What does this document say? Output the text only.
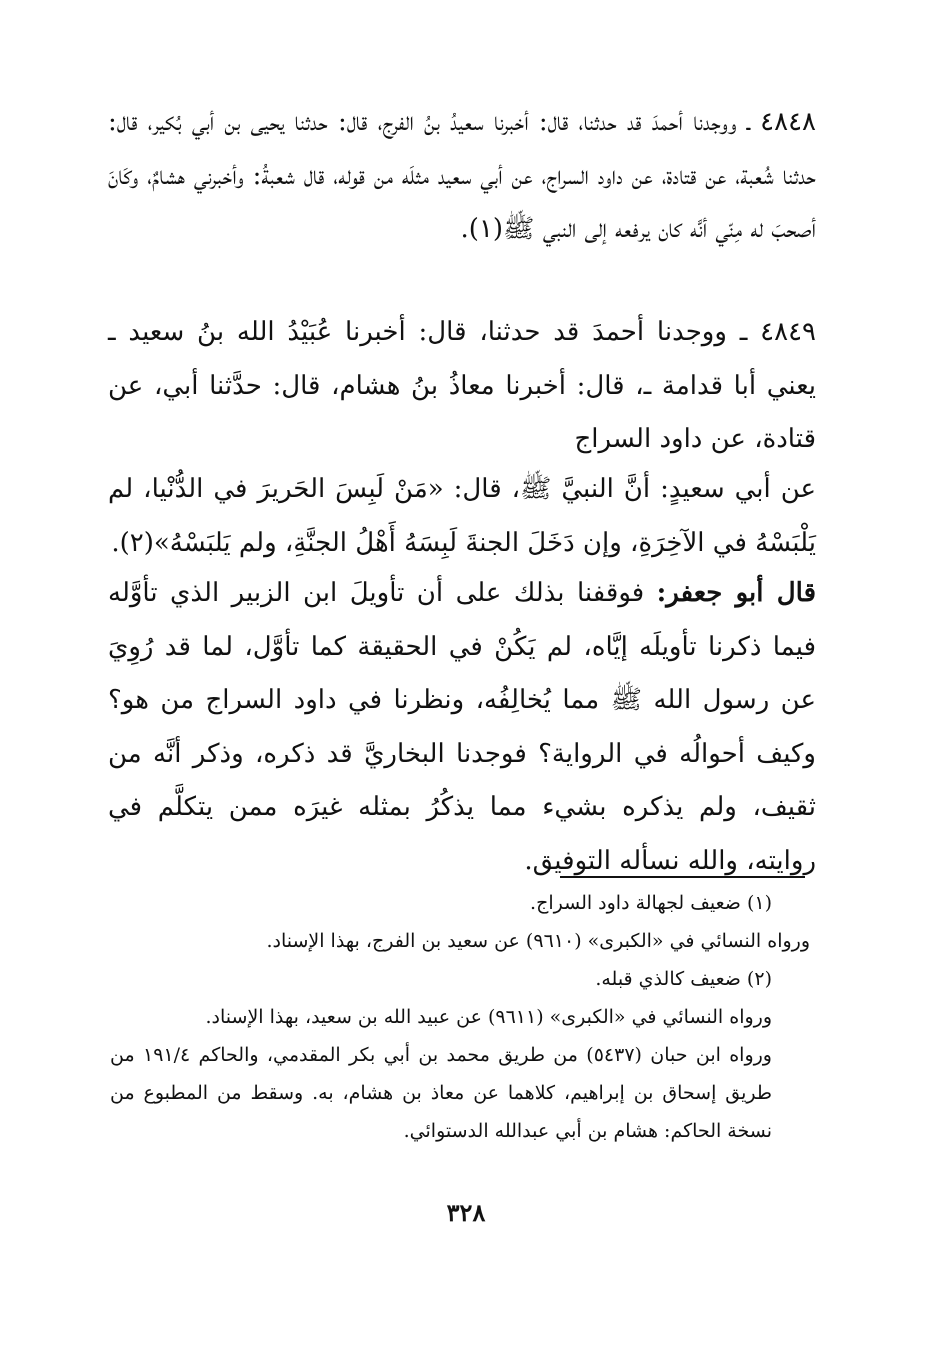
٤٨٤٨ ـ ووجدنا أحمدَ قد حدثنا، قال: أخبرنا سعيدُ بنُ الفرج، قال: حدثنا يحيى بن أبي بُكير، قال: حدثنا شُعبة، عن قتادة، عن داود السراج، عن أبي سعيد مثلَه من قوله، قال شعبةُ: وأخبرني هشامٌ، وكَانَ أصحبَ له مِنّي أنَّه كان يرفعه إلى النبي ﷺ(١).
٤٨٤٩ ـ ووجدنا أحمدَ قد حدثنا، قال: أخبرنا عُبَيْدُ الله بنُ سعيد ـ يعني أبا قدامة ـ، قال: أخبرنا معاذُ بنُ هشام، قال: حدَّثنا أبي، عن قتادة، عن داود السراج
عن أبي سعيدٍ: أنَّ النبيَّ ﷺ، قال: «مَنْ لَبِسَ الحَريرَ في الدُّنْيا، لم يَلْبَسْهُ في الآخِرَةِ، وإن دَخَلَ الجنةَ لَبِسَهُ أَهْلُ الجنَّةِ، ولم يَلبَسْهُ»(٢).
قال أبو جعفر: فوقفنا بذلك على أن تأويلَ ابن الزبير الذي تأوَّله فيما ذكرنا تأويلَه إيَّاه، لم يَكُنْ في الحقيقة كما تأوَّل، لما قد رُوِيَ عن رسول الله ﷺ مما يُخالِفُه، ونظرنا في داود السراج من هو؟ وكيف أحوالُه في الرواية؟ فوجدنا البخاريَّ قد ذكره، وذكر أنَّه من ثقيف، ولم يذكره بشيء مما يذكُرُ بمثله غيرَه ممن يتكلَّم في روايته، والله نسأله التوفيق.
(١) ضعيف لجهالة داود السراج.
ورواه النسائي في «الكبرى» (٩٦١٠) عن سعيد بن الفرج، بهذا الإسناد.
(٢) ضعيف كالذي قبله.
ورواه النسائي في «الكبرى» (٩٦١١) عن عبيد الله بن سعيد، بهذا الإسناد.
ورواه ابن حبان (٥٤٣٧) من طريق محمد بن أبي بكر المقدمي، والحاكم ١٩١/٤ من طريق إسحاق بن إبراهيم، كلاهما عن معاذ بن هشام، به. وسقط من المطبوع من نسخة الحاكم: هشام بن أبي عبدالله الدستوائي.
٣٢٨
